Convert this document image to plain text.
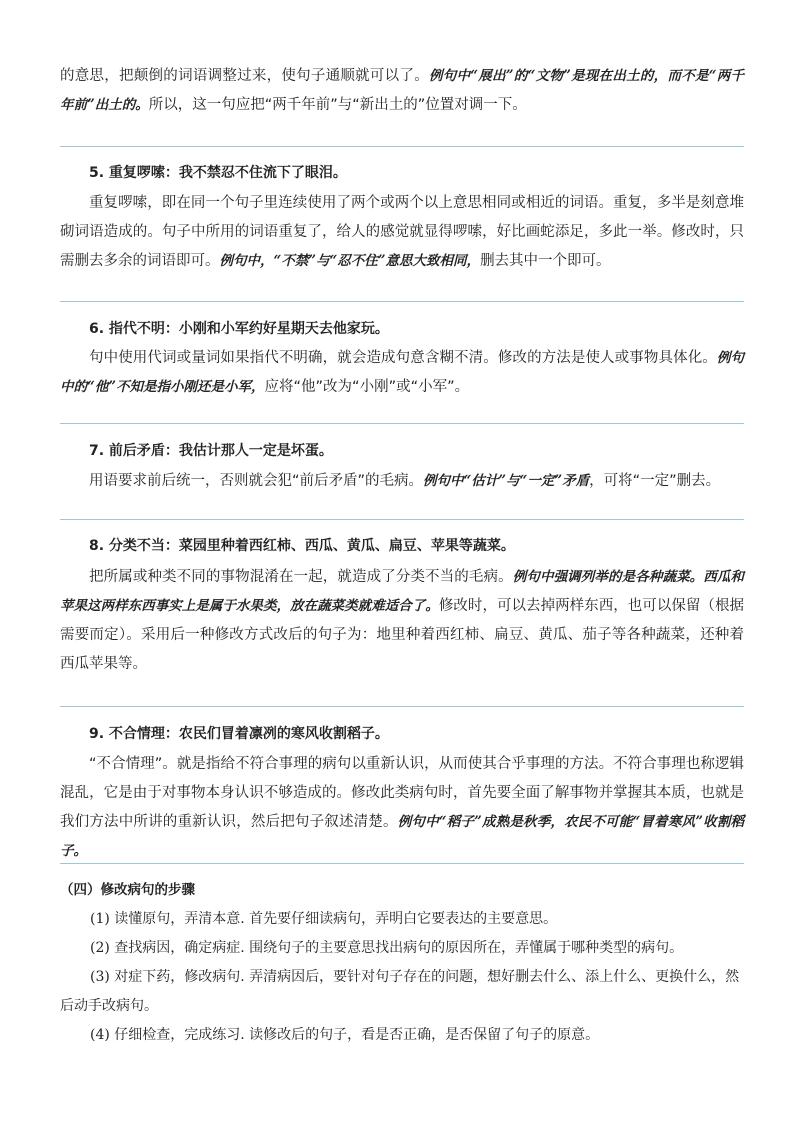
的意思，把颠倒的词语调整过来，使句子通顺就可以了。例句中“展出”的“文物”是现在出土的，而不是“两千年前”出土的。所以，这一句应把“两千年前”与“新出土的”位置对调一下。

5. 重复啰嗦：我不禁忍不住流下了眼泪。

重复啰嗦，即在同一个句子里连续使用了两个或两个以上意思相同或相近的词语。重复，多半是刻意堆砌词语造成的。句子中所用的词语重复了，给人的感觉就显得啰嗦，好比画蛇添足，多此一举。修改时，只需删去多余的词语即可。例句中，“不禁”与“忍不住”意思大致相同，删去其中一个即可。

6. 指代不明：小刚和小军约好星期天去他家玩。

句中使用代词或量词如果指代不明确，就会造成句意含糊不清。修改的方法是使人或事物具体化。例句中的“他”不知是指小刚还是小军，应将“他”改为“小刚”或“小军”。

7. 前后矛盾：我估计那人一定是坏蛋。

用语要求前后统一，否则就会犯“前后矛盾”的毛病。例句中“估计”与“一定”矛盾，可将“一定”删去。

8. 分类不当：菜园里种着西红柿、西瓜、黄瓜、扁豆、苹果等蔬菜。

把所属或种类不同的事物混淆在一起，就造成了分类不当的毛病。例句中强调列举的是各种蔬菜。西瓜和苹果这两样东西事实上是属于水果类，放在蔬菜类就难适合了。修改时，可以去掉两样东西，也可以保留（根据需要而定）。采用后一种修改方式改后的句子为：地里种着西红柿、扁豆、黄瓜、茄子等各种蔬菜，还种着西瓜苹果等。

9. 不合情理：农民们冒着凛冽的寒风收割稻子。

“不合情理”。就是指给不符合事理的病句以重新认识，从而使其合乎事理的方法。不符合事理也称逻辑混乱，它是由于对事物本身认识不够造成的。修改此类病句时，首先要全面了解事物并掌握其本质，也就是我们方法中所讲的重新认识，然后把句子叙述清楚。例句中“稻子”成熟是秋季，农民不可能“冒着寒风”收割稻子。

（四）修改病句的步骤

(1) 读懂原句，弄清本意. 首先要仔细读病句，弄明白它要表达的主要意思。

(2) 查找病因，确定病症. 围绕句子的主要意思找出病句的原因所在，弄懂属于哪种类型的病句。

(3) 对症下药，修改病句. 弄清病因后，要针对句子存在的问题，想好删去什么、添上什么、更换什么，然后动手改病句。

(4) 仔细检查，完成练习. 读修改后的句子，看是否正确，是否保留了句子的原意。
